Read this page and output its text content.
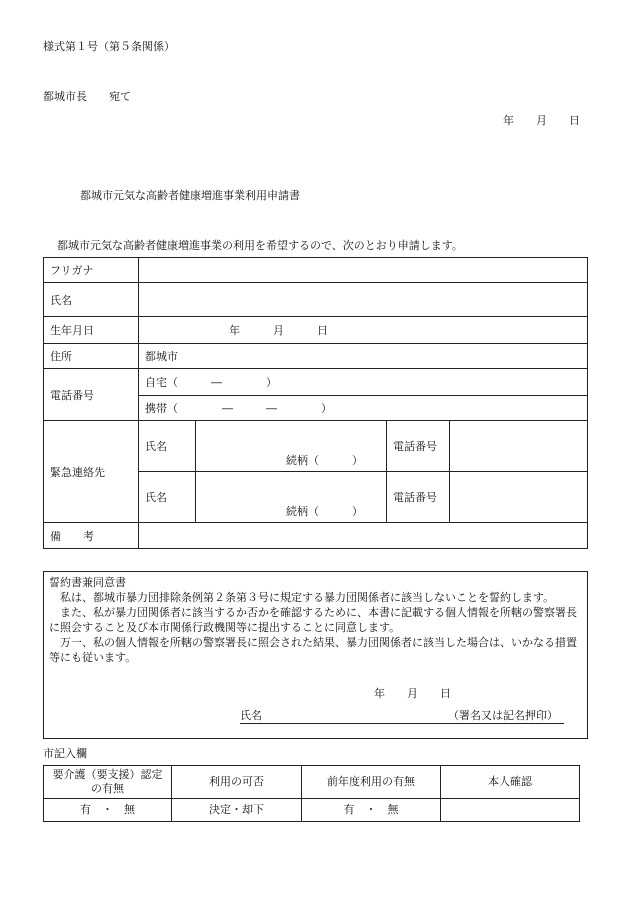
様式第１号（第５条関係）
都城市長　　宛て
年　　月　　日
都城市元気な高齢者健康増進事業利用申請書
都城市元気な高齢者健康増進事業の利用を希望するので、次のとおり申請します。
フリガナ				
氏名				
生年月日	年　　　月　　　日			
住所	都城市			
電話番号	自宅（　　　―　　　　）			
	携帯（　　　　―　　　―　　　　）			
緊急連絡先	氏名	続柄（　　　）	電話番号	
	氏名	続柄（　　　）	電話番号	
備　　考				

誓約書兼同意書

　私は、都城市暴力団排除条例第２条第３号に規定する暴力団関係者に該当しないことを誓約します。

　また、私が暴力団関係者に該当するか否かを確認するために、本書に記載する個人情報を所轄の警察署長に照会すること及び本市関係行政機関等に提出することに同意します。

　万一、私の個人情報を所轄の警察署長に照会された結果、暴力団関係者に該当した場合は、いかなる措置等にも従います。

年　　月　　日
氏名	（署名又は記名押印）
市記入欄
要介護（要支援）認定の有無	利用の可否	前年度利用の有無	本人確認
有　・　無	決定・却下	有　・　無	
